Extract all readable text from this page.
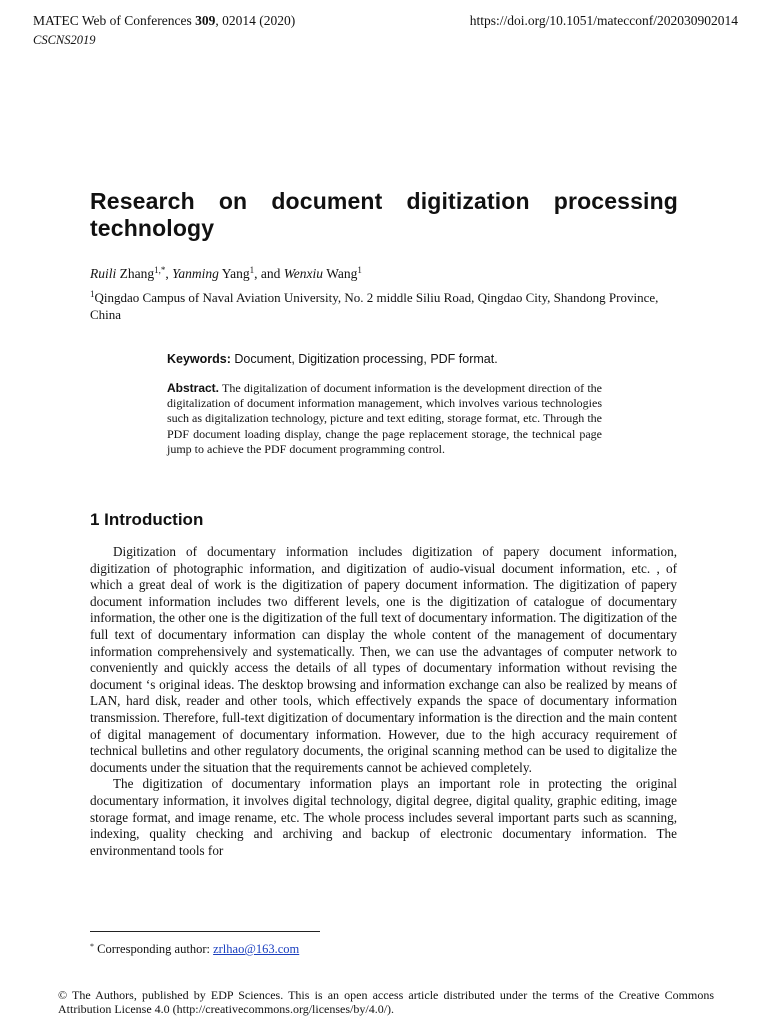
MATEC Web of Conferences 309, 02014 (2020)
CSCNS2019
https://doi.org/10.1051/matecconf/202030902014
Research on document digitization processing technology
Ruili Zhang$^{1,*}$, Yanming Yang$^1$, and Wenxiu Wang$^1$
$^1$Qingdao Campus of Naval Aviation University, No. 2 middle Siliu Road, Qingdao City, Shandong Province, China
Keywords: Document, Digitization processing, PDF format.

Abstract. The digitalization of document information is the development direction of the digitalization of document information management, which involves various technologies such as digitalization technology, picture and text editing, storage format, etc. Through the PDF document loading display, change the page replacement storage, the technical page jump to achieve the PDF document programming control.

1 Introduction

Digitization of documentary information includes digitization of papery document information, digitization of photographic information, and digitization of audio-visual document information, etc. , of which a great deal of work is the digitization of papery document information. The digitization of papery document information includes two different levels, one is the digitization of catalogue of documentary information, the other one is the digitization of the full text of documentary information. The digitization of the full text of documentary information can display the whole content of the management of documentary information comprehensively and systematically. Then, we can use the advantages of computer network to conveniently and quickly access the details of all types of documentary information without revising the document ‘s original ideas. The desktop browsing and information exchange can also be realized by means of LAN, hard disk, reader and other tools, which effectively expands the space of documentary information transmission. Therefore, full-text digitization of documentary information is the direction and the main content of digital management of documentary information. However, due to the high accuracy requirement of technical bulletins and other regulatory documents, the original scanning method can be used to digitalize the documents under the situation that the requirements cannot be achieved completely.

The digitization of documentary information plays an important role in protecting the original documentary information, it involves digital technology, digital degree, digital quality, graphic editing, image storage format, and image rename, etc. The whole process includes several important parts such as scanning, indexing, quality checking and archiving and backup of electronic documentary information. The environmentand tools for

* Corresponding author: zrlhao@163.com
© The Authors, published by EDP Sciences. This is an open access article distributed under the terms of the Creative Commons Attribution License 4.0 (http://creativecommons.org/licenses/by/4.0/).
